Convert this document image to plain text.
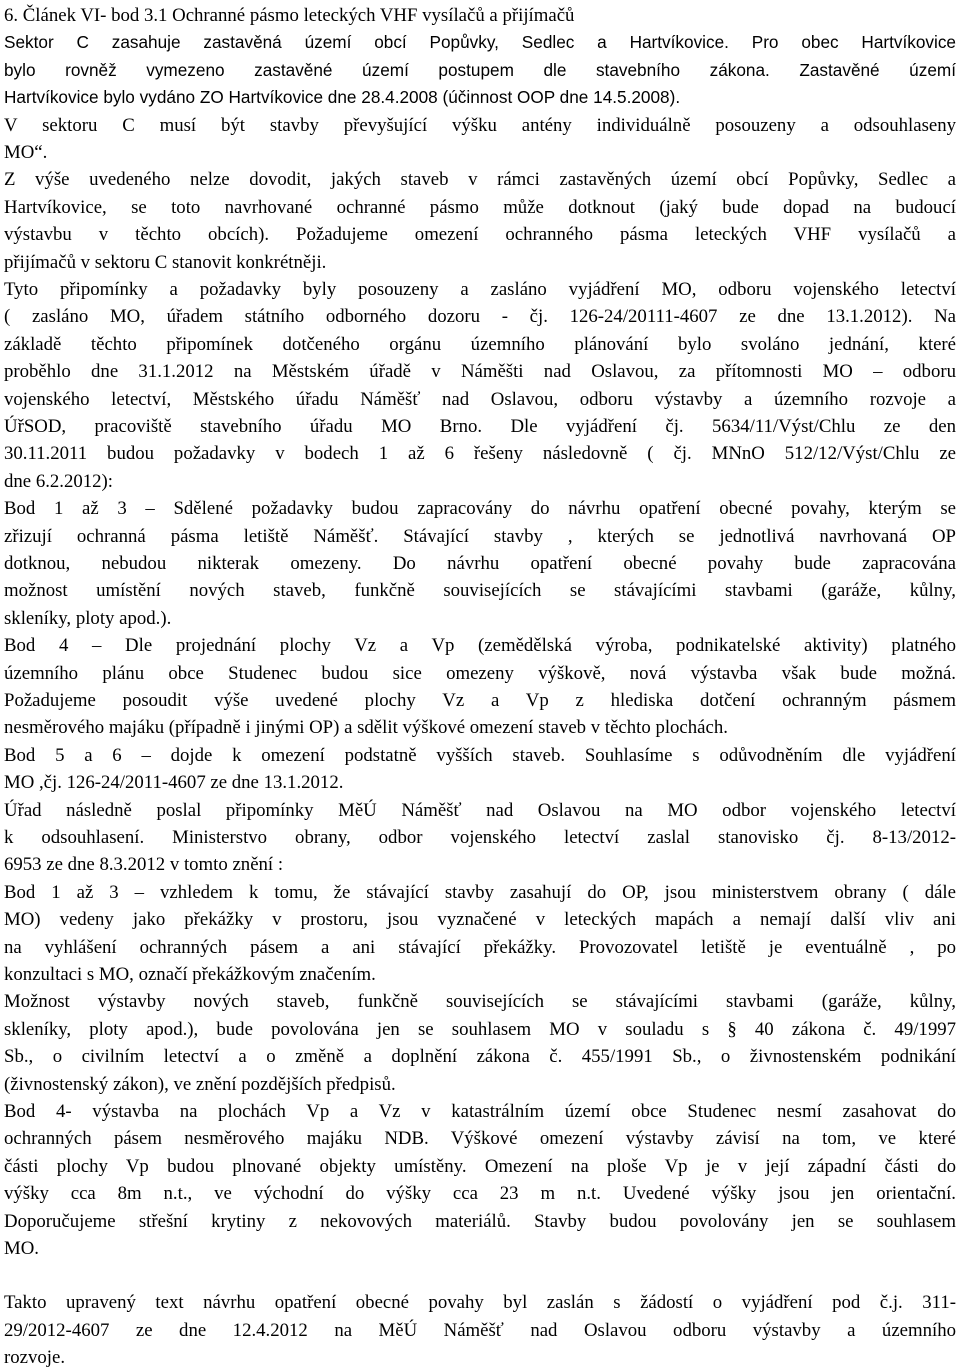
6. Článek VI- bod 3.1 Ochranné pásmo leteckých VHF vysílačů a přijímačů
Sektor C zasahuje zastavěná území obcí Popůvky, Sedlec a Hartvíkovice. Pro obec Hartvíkovice
bylo rovněž vymezeno zastavěné území postupem dle stavebního zákona. Zastavěné území
Hartvíkovice bylo vydáno ZO Hartvíkovice dne 28.4.2008 (účinnost OOP dne 14.5.2008).
V sektoru C musí být stavby převyšující výšku antény individuálně posouzeny a odsouhlaseny
MO“.
Z výše uvedeného nelze dovodit, jakých staveb v rámci zastavěných území obcí Popůvky, Sedlec a
Hartvíkovice, se toto navrhované ochranné pásmo může dotknout (jaký bude dopad na budoucí
výstavbu v těchto obcích). Požadujeme omezení ochranného pásma leteckých VHF vysílačů a
přijímačů v sektoru C stanovit konkrétněji.
Tyto připomínky a požadavky byly posouzeny a zasláno vyjádření MO, odboru vojenského letectví
( zasláno MO, úřadem státního odborného dozoru - čj. 126-24/20111-4607 ze dne 13.1.2012). Na
základě těchto připomínek dotčeného orgánu územního plánování bylo svoláno jednání, které
proběhlo dne 31.1.2012 na Městském úřadě v Náměšti nad Oslavou, za přítomnosti MO – odboru
vojenského letectví, Městského úřadu Náměšť nad Oslavou, odboru výstavby a územního rozvoje a
ÚřSOD, pracoviště stavebního úřadu MO Brno. Dle vyjádření čj. 5634/11/Výst/Chlu ze den
30.11.2011 budou požadavky v bodech 1 až 6 řešeny následovně ( čj. MNnO 512/12/Výst/Chlu ze
dne 6.2.2012):
Bod 1 až 3 – Sdělené požadavky budou zapracovány do návrhu opatření obecné povahy, kterým se
zřizují ochranná pásma letiště Náměšť. Stávající stavby , kterých se jednotlivá navrhovaná OP
dotknou, nebudou nikterak omezeny. Do návrhu opatření obecné povahy bude zapracována
možnost umístění nových staveb, funkčně souvisejících se stávajícími stavbami (garáže, kůlny,
skleníky, ploty apod.).
Bod 4 – Dle projednání plochy Vz a Vp (zemědělská výroba, podnikatelské aktivity) platného
územního plánu obce Studenec budou sice omezeny výškově, nová výstavba však bude možná.
Požadujeme posoudit výše uvedené plochy Vz a Vp z hlediska dotčení ochranným pásmem
nesměrového majáku (případně i jinými OP) a sdělit výškové omezení staveb v těchto plochách.
Bod 5 a 6 – dojde k omezení podstatně vyšších staveb. Souhlasíme s odůvodněním dle vyjádření
MO ,čj. 126-24/2011-4607 ze dne 13.1.2012.
Úřad následně poslal připomínky MěÚ Náměšť nad Oslavou na MO odbor vojenského letectví
k odsouhlasení. Ministerstvo obrany, odbor vojenského letectví zaslal stanovisko čj. 8-13/2012-
6953 ze dne 8.3.2012 v tomto znění :
Bod 1 až 3 – vzhledem k tomu, že stávající stavby zasahují do OP, jsou ministerstvem obrany ( dále
MO) vedeny jako překážky v prostoru, jsou vyznačené v leteckých mapách a nemají další vliv ani
na vyhlášení ochranných pásem a ani stávající překážky. Provozovatel letiště je eventuálně , po
konzultaci s MO, označí překážkovým značením.
Možnost výstavby nových staveb, funkčně souvisejících se stávajícími stavbami (garáže, kůlny,
skleníky, ploty apod.), bude povolována jen se souhlasem MO v souladu s § 40 zákona č. 49/1997
Sb., o civilním letectví a o změně a doplnění zákona č. 455/1991 Sb., o živnostenském podnikání
(živnostenský zákon), ve znění pozdějších předpisů.
Bod 4- výstavba na plochách Vp a Vz v katastrálním území obce Studenec nesmí zasahovat do
ochranných pásem nesměrového majáku NDB. Výškové omezení výstavby závisí na tom, ve které
části plochy Vp budou plnované objekty umístěny. Omezení na ploše Vp je v její západní části do
výšky cca 8m n.t., ve východní do výšky cca 23 m n.t. Uvedené výšky jsou jen orientační.
Doporučujeme střešní krytiny z nekovových materiálů. Stavby budou povolovány jen se souhlasem
MO.
Takto upravený text návrhu opatření obecné povahy byl zaslán s žádostí o vyjádření pod č.j. 311-
29/2012-4607 ze dne 12.4.2012 na MěÚ Náměšť nad Oslavou odboru výstavby a územního
rozvoje.
